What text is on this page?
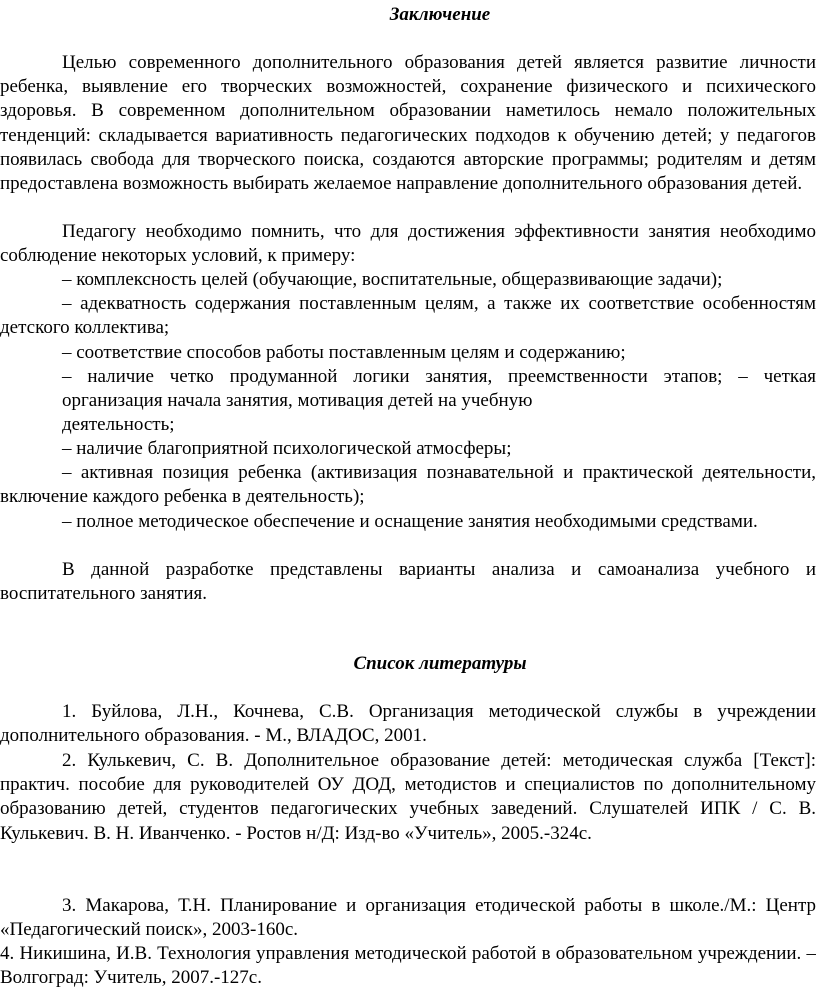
Заключение

Целью современного дополнительного образования детей является развитие личности ребенка, выявление его творческих возможностей, сохранение физического и психического здоровья. В современном дополнительном образовании наметилось немало положительных тенденций: складывается вариативность педагогических подходов к обучению детей; у педагогов появилась свобода для творческого поиска, создаются авторские программы; родителям и детям предоставлена возможность выбирать желаемое направление дополнительного образования детей.

Педагогу необходимо помнить, что для достижения эффективности занятия необходимо соблюдение некоторых условий, к примеру:

– комплексность целей (обучающие, воспитательные, общеразвивающие задачи);

– адекватность содержания поставленным целям, а также их соответствие особенностям детского коллектива;

– соответствие способов работы поставленным целям и содержанию;

– наличие четко продуманной логики занятия, преемственности этапов; – четкая

организация начала занятия, мотивация детей на учебную

деятельность;

– наличие благоприятной психологической атмосферы;

– активная позиция ребенка (активизация познавательной и практической деятельности, включение каждого ребенка в деятельность);

– полное методическое обеспечение и оснащение занятия необходимыми средствами.

В данной разработке представлены варианты анализа и самоанализа учебного и воспитательного занятия.

Список литературы

1. Буйлова, Л.Н., Кочнева, С.В. Организация методической службы в учреждении дополнительного образования. - М., ВЛАДОС, 2001.

2. Кулькевич, С. В. Дополнительное образование детей: методическая служба [Текст]: практич. пособие для руководителей ОУ ДОД, методистов и специалистов по дополнительному образованию детей, студентов педагогических учебных заведений. Слушателей ИПК / С. В. Кулькевич. В. Н. Иванченко. - Ростов н/Д: Изд-во «Учитель», 2005.-324с.

3. Макарова, Т.Н. Планирование и организация етодической работы в школе./М.: Центр «Педагогический поиск», 2003-160с.

4. Никишина, И.В. Технология управления методической работой в образовательном учреждении. – Волгоград: Учитель, 2007.-127с.
